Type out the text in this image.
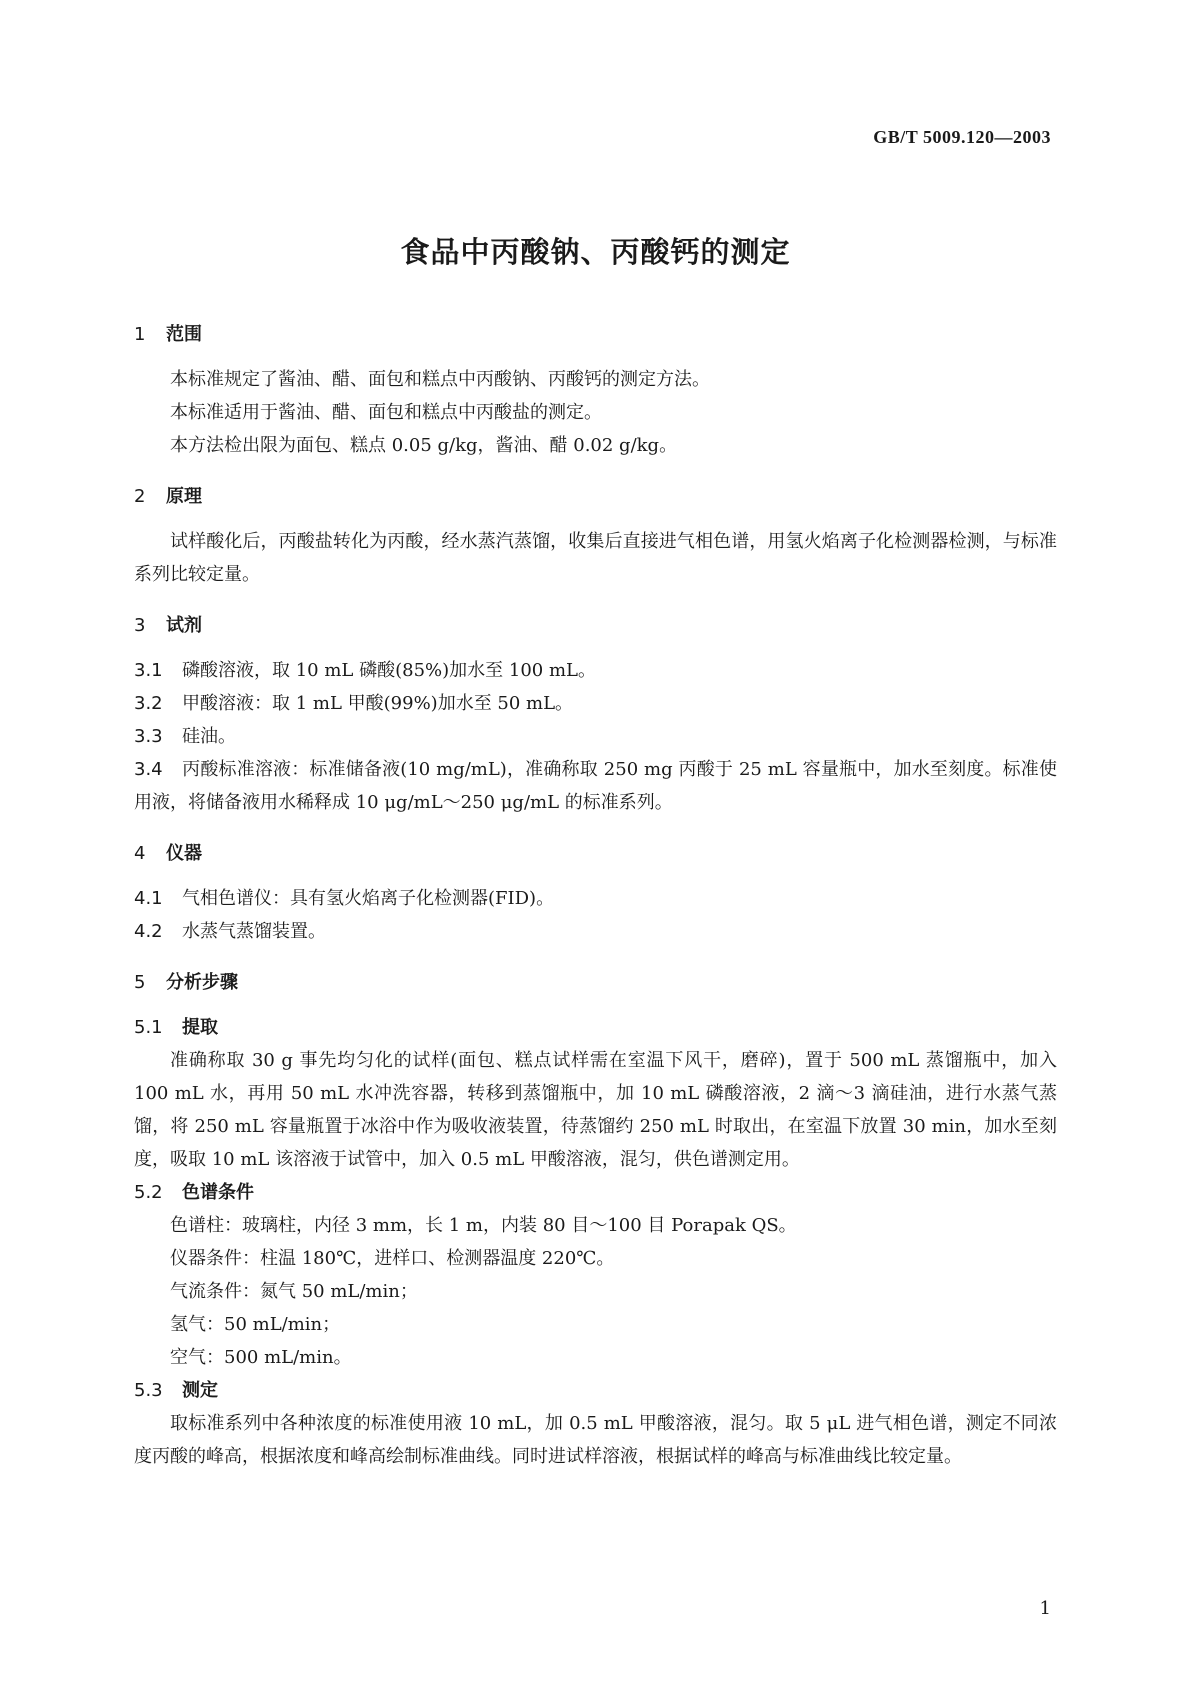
GB/T 5009.120—2003
食品中丙酸钠、丙酸钙的测定
1 范围

本标准规定了酱油、醋、面包和糕点中丙酸钠、丙酸钙的测定方法。

本标准适用于酱油、醋、面包和糕点中丙酸盐的测定。

本方法检出限为面包、糕点 0.05 g/kg，酱油、醋 0.02 g/kg。

2 原理

试样酸化后，丙酸盐转化为丙酸，经水蒸汽蒸馏，收集后直接进气相色谱，用氢火焰离子化检测器检测，与标准系列比较定量。

3 试剂

3.1 磷酸溶液，取 10 mL 磷酸(85%)加水至 100 mL。

3.2 甲酸溶液：取 1 mL 甲酸(99%)加水至 50 mL。

3.3 硅油。

3.4 丙酸标准溶液：标准储备液(10 mg/mL)，准确称取 250 mg 丙酸于 25 mL 容量瓶中，加水至刻度。标准使用液，将储备液用水稀释成 10 μg/mL～250 μg/mL 的标准系列。

4 仪器

4.1 气相色谱仪：具有氢火焰离子化检测器(FID)。

4.2 水蒸气蒸馏装置。

5 分析步骤
5.1 提取

准确称取 30 g 事先均匀化的试样(面包、糕点试样需在室温下风干，磨碎)，置于 500 mL 蒸馏瓶中，加入 100 mL 水，再用 50 mL 水冲洗容器，转移到蒸馏瓶中，加 10 mL 磷酸溶液，2 滴～3 滴硅油，进行水蒸气蒸馏，将 250 mL 容量瓶置于冰浴中作为吸收液装置，待蒸馏约 250 mL 时取出，在室温下放置 30 min，加水至刻度，吸取 10 mL 该溶液于试管中，加入 0.5 mL 甲酸溶液，混匀，供色谱测定用。

5.2 色谱条件

色谱柱：玻璃柱，内径 3 mm，长 1 m，内装 80 目～100 目 Porapak QS。

仪器条件：柱温 180℃，进样口、检测器温度 220℃。

气流条件：氮气 50 mL/min；

氢气：50 mL/min；

空气：500 mL/min。

5.3 测定

取标准系列中各种浓度的标准使用液 10 mL，加 0.5 mL 甲酸溶液，混匀。取 5 μL 进气相色谱，测定不同浓度丙酸的峰高，根据浓度和峰高绘制标准曲线。同时进试样溶液，根据试样的峰高与标准曲线比较定量。

1
